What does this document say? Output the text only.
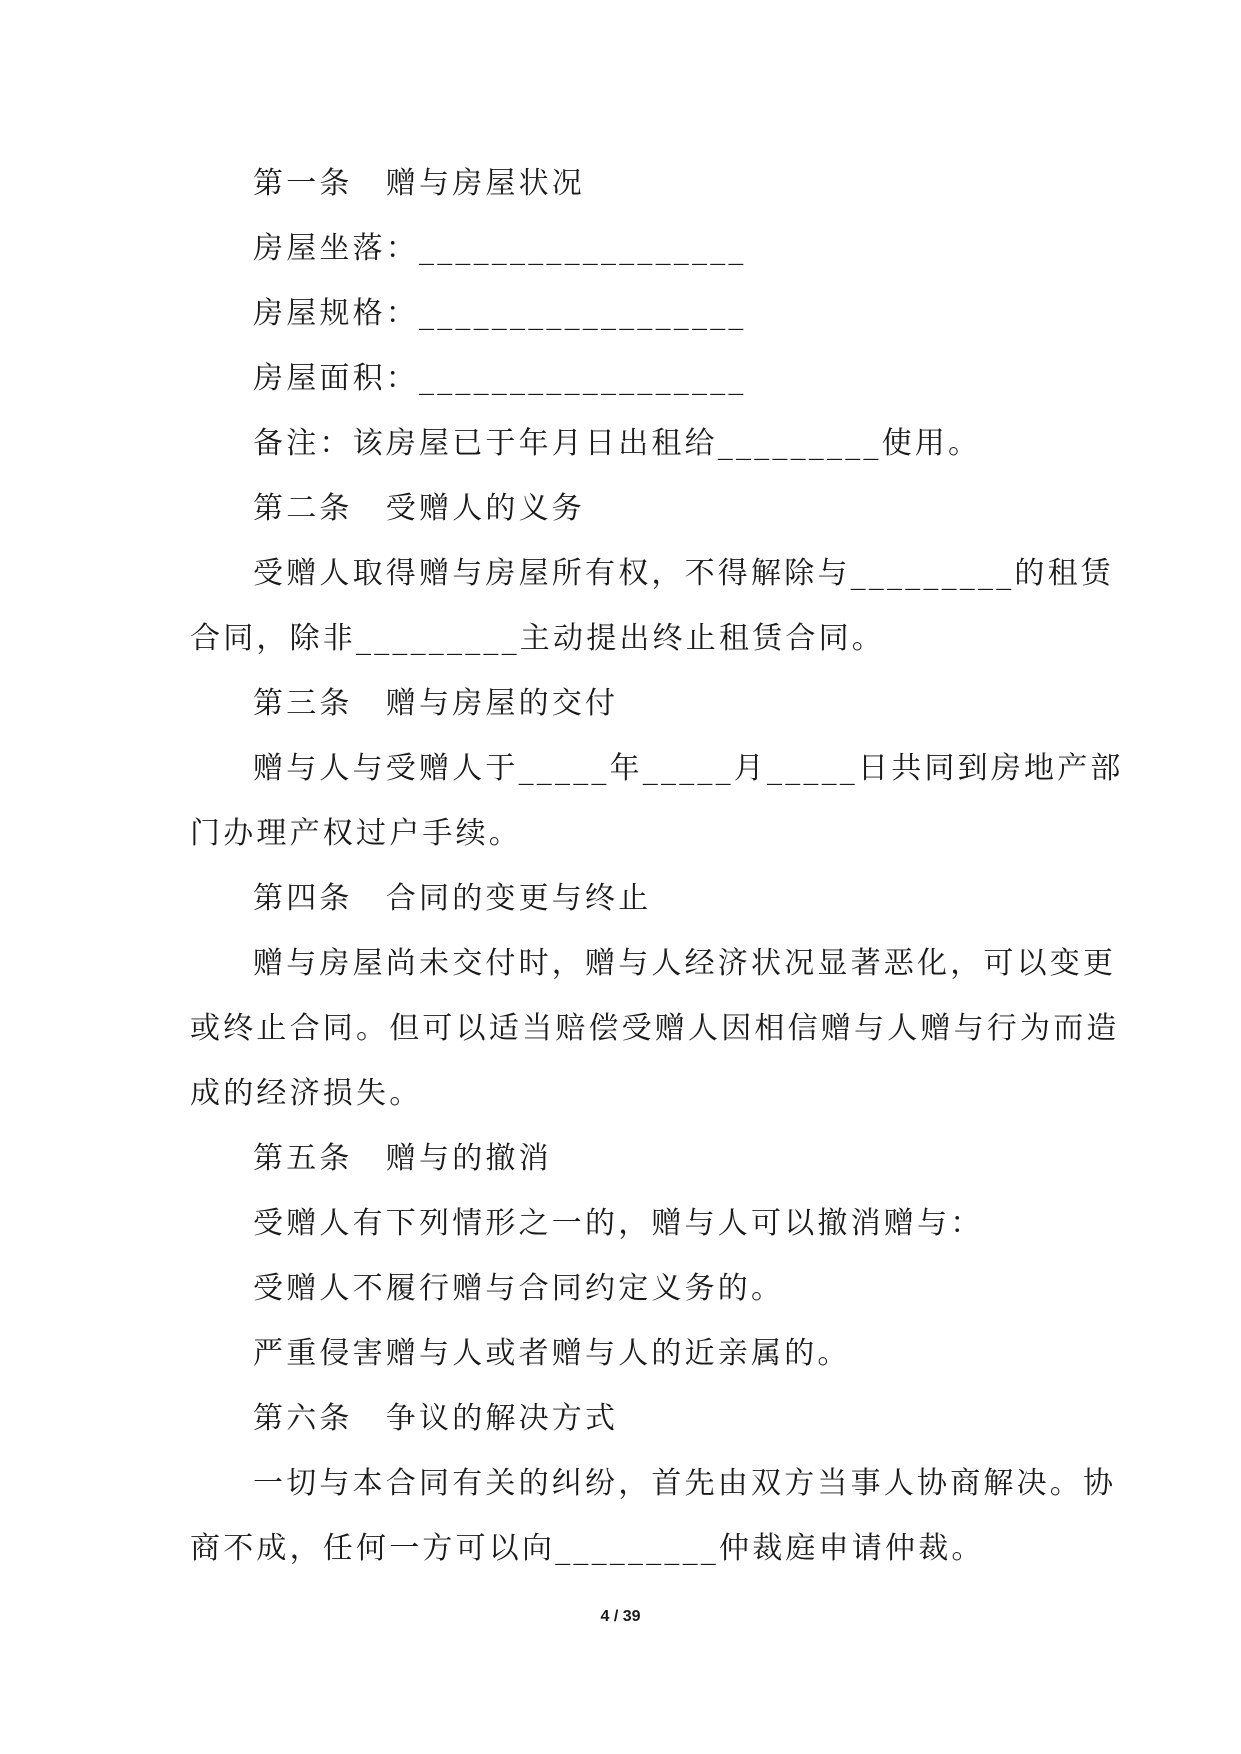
第一条　赠与房屋状况
房屋坐落：__________________
房屋规格：__________________
房屋面积：__________________
备注：该房屋已于年月日出租给_________使用。
第二条　受赠人的义务
受赠人取得赠与房屋所有权，不得解除与_________的租赁
合同，除非_________主动提出终止租赁合同。
第三条　赠与房屋的交付
赠与人与受赠人于_____年_____月_____日共同到房地产部
门办理产权过户手续。
第四条　合同的变更与终止
赠与房屋尚未交付时，赠与人经济状况显著恶化，可以变更
或终止合同。但可以适当赔偿受赠人因相信赠与人赠与行为而造
成的经济损失。
第五条　赠与的撤消
受赠人有下列情形之一的，赠与人可以撤消赠与：
受赠人不履行赠与合同约定义务的。
严重侵害赠与人或者赠与人的近亲属的。
第六条　争议的解决方式
一切与本合同有关的纠纷，首先由双方当事人协商解决。协
商不成，任何一方可以向_________仲裁庭申请仲裁。
4 / 39
